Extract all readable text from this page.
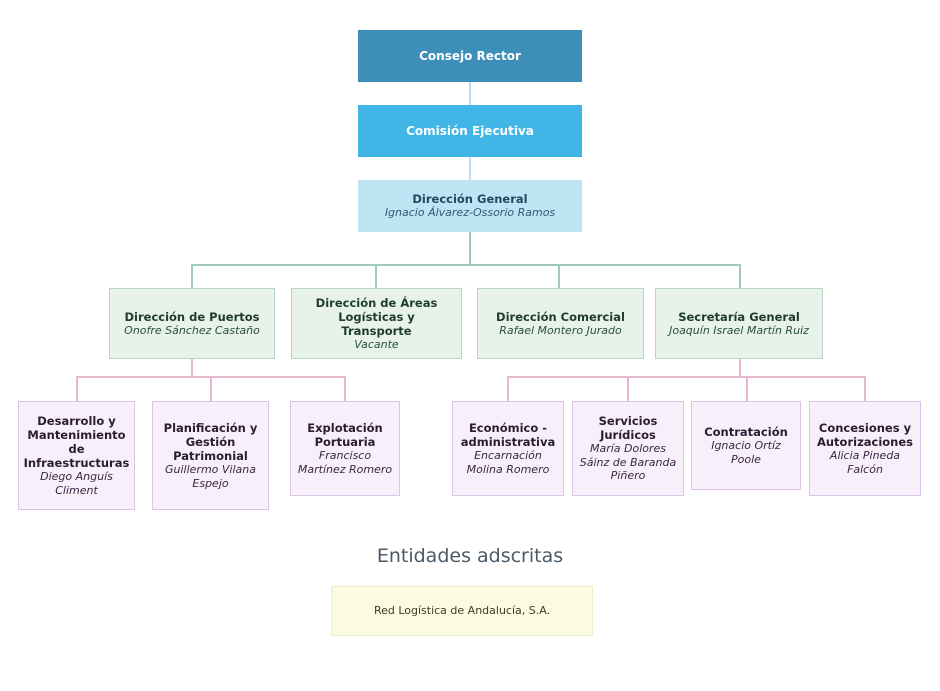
Consejo Rector
Comisión Ejecutiva
Dirección General
Ignacio Álvarez-Ossorio Ramos
Dirección de Puertos
Onofre Sánchez Castaño
Dirección de Áreas Logísticas y Transporte
Vacante
Dirección Comercial
Rafael Montero Jurado
Secretaría General
Joaquín Israel Martín Ruiz
Desarrollo y Mantenimiento de Infraestructuras
Diego Anguís Climent
Planificación y Gestión Patrimonial
Guillermo Vilana Espejo
Explotación Portuaria
Francisco Martínez Romero
Económico - administrativa
Encarnación Molina Romero
Servicios Jurídicos
María Dolores Sáinz de Baranda Piñero
Contratación
Ignacio Ortíz Poole
Concesiones y Autorizaciones
Alicia Pineda Falcón
Entidades adscritas
Red Logística de Andalucía, S.A.
